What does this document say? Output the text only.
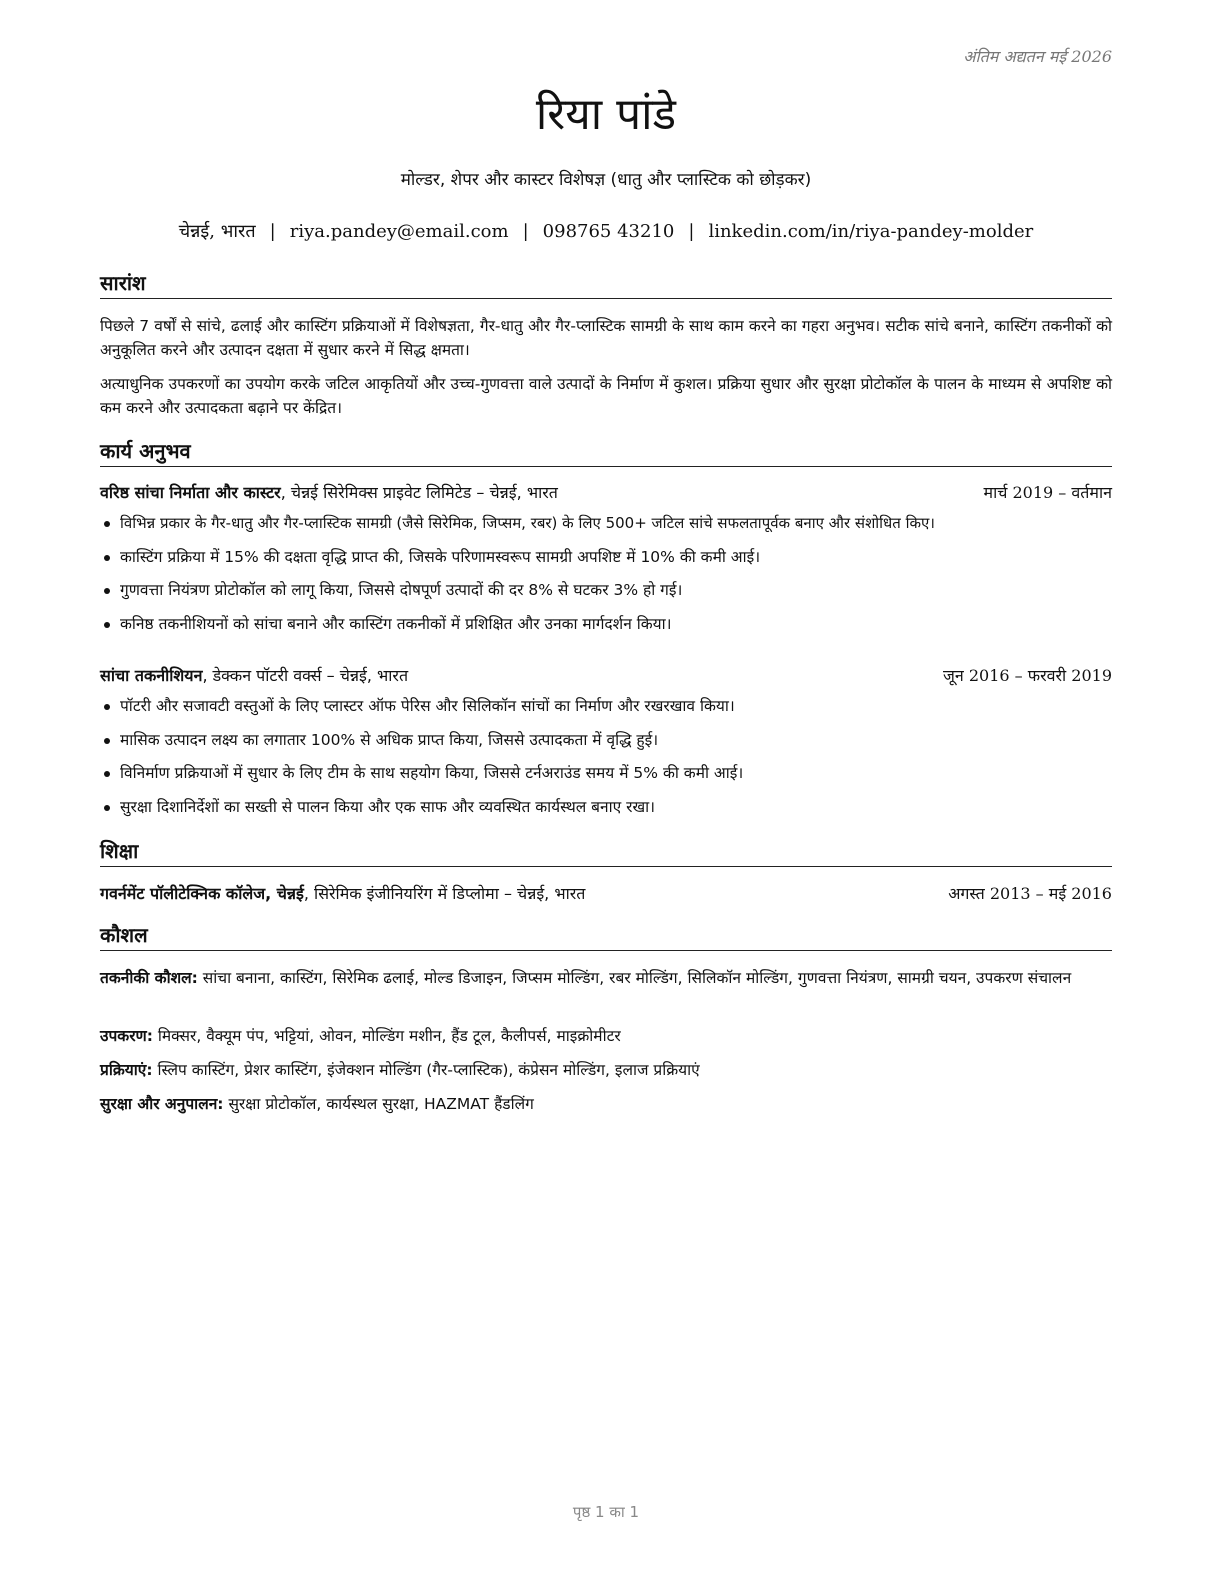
अंतिम अद्यतन मई 2026
रिया पांडे
मोल्डर, शेपर और कास्टर विशेषज्ञ (धातु और प्लास्टिक को छोड़कर)
चेन्नई, भारत | riya.pandey@email.com | 098765 43210 | linkedin.com/in/riya-pandey-molder
सारांश
पिछले 7 वर्षों से सांचे, ढलाई और कास्टिंग प्रक्रियाओं में विशेषज्ञता, गैर-धातु और गैर-प्लास्टिक सामग्री के साथ काम करने का गहरा अनुभव। सटीक सांचे बनाने, कास्टिंग तकनीकों को अनुकूलित करने और उत्पादन दक्षता में सुधार करने में सिद्ध क्षमता।
अत्याधुनिक उपकरणों का उपयोग करके जटिल आकृतियों और उच्च-गुणवत्ता वाले उत्पादों के निर्माण में कुशल। प्रक्रिया सुधार और सुरक्षा प्रोटोकॉल के पालन के माध्यम से अपशिष्ट को कम करने और उत्पादकता बढ़ाने पर केंद्रित।
कार्य अनुभव
वरिष्ठ सांचा निर्माता और कास्टर, चेन्नई सिरेमिक्स प्राइवेट लिमिटेड – चेन्नई, भारत	मार्च 2019 – वर्तमान
विभिन्न प्रकार के गैर-धातु और गैर-प्लास्टिक सामग्री (जैसे सिरेमिक, जिप्सम, रबर) के लिए 500+ जटिल सांचे सफलतापूर्वक बनाए और संशोधित किए।
कास्टिंग प्रक्रिया में 15% की दक्षता वृद्धि प्राप्त की, जिसके परिणामस्वरूप सामग्री अपशिष्ट में 10% की कमी आई।
गुणवत्ता नियंत्रण प्रोटोकॉल को लागू किया, जिससे दोषपूर्ण उत्पादों की दर 8% से घटकर 3% हो गई।
कनिष्ठ तकनीशियनों को सांचा बनाने और कास्टिंग तकनीकों में प्रशिक्षित और उनका मार्गदर्शन किया।
सांचा तकनीशियन, डेक्कन पॉटरी वर्क्स – चेन्नई, भारत	जून 2016 – फरवरी 2019
पॉटरी और सजावटी वस्तुओं के लिए प्लास्टर ऑफ पेरिस और सिलिकॉन सांचों का निर्माण और रखरखाव किया।
मासिक उत्पादन लक्ष्य का लगातार 100% से अधिक प्राप्त किया, जिससे उत्पादकता में वृद्धि हुई।
विनिर्माण प्रक्रियाओं में सुधार के लिए टीम के साथ सहयोग किया, जिससे टर्नअराउंड समय में 5% की कमी आई।
सुरक्षा दिशानिर्देशों का सख्ती से पालन किया और एक साफ और व्यवस्थित कार्यस्थल बनाए रखा।
शिक्षा
गवर्नमेंट पॉलीटेक्निक कॉलेज, चेन्नई, सिरेमिक इंजीनियरिंग में डिप्लोमा – चेन्नई, भारत	अगस्त 2013 – मई 2016
कौशल
तकनीकी कौशल: सांचा बनाना, कास्टिंग, सिरेमिक ढलाई, मोल्ड डिजाइन, जिप्सम मोल्डिंग, रबर मोल्डिंग, सिलिकॉन मोल्डिंग, गुणवत्ता नियंत्रण, सामग्री चयन, उपकरण संचालन
उपकरण: मिक्सर, वैक्यूम पंप, भट्टियां, ओवन, मोल्डिंग मशीन, हैंड टूल, कैलीपर्स, माइक्रोमीटर
प्रक्रियाएं: स्लिप कास्टिंग, प्रेशर कास्टिंग, इंजेक्शन मोल्डिंग (गैर-प्लास्टिक), कंप्रेसन मोल्डिंग, इलाज प्रक्रियाएं
सुरक्षा और अनुपालन: सुरक्षा प्रोटोकॉल, कार्यस्थल सुरक्षा, HAZMAT हैंडलिंग
पृष्ठ 1 का 1
